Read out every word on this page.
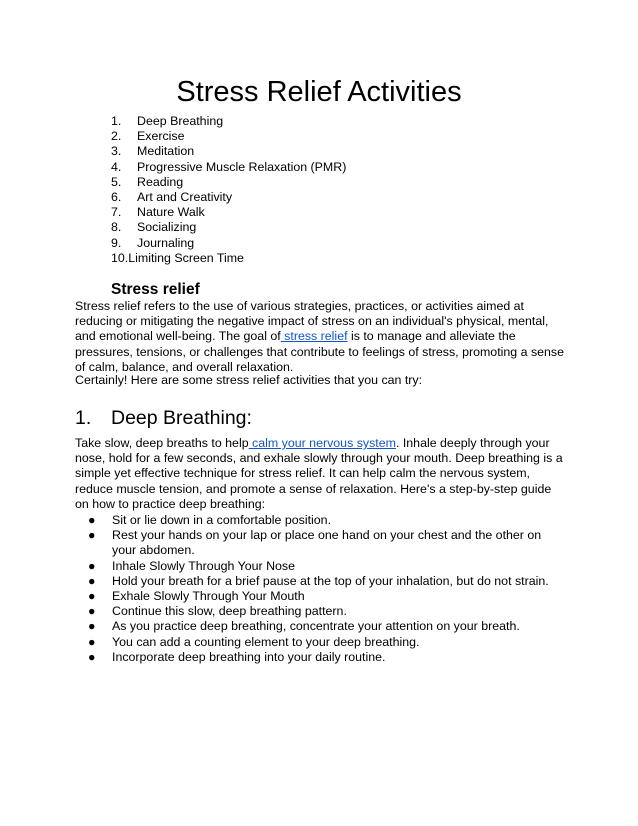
Stress Relief Activities
1. Deep Breathing
2. Exercise
3. Meditation
4. Progressive Muscle Relaxation (PMR)
5. Reading
6. Art and Creativity
7. Nature Walk
8. Socializing
9. Journaling
10.Limiting Screen Time
Stress relief

Stress relief refers to the use of various strategies, practices, or activities aimed at reducing or mitigating the negative impact of stress on an individual's physical, mental, and emotional well-being. The goal of stress relief is to manage and alleviate the pressures, tensions, or challenges that contribute to feelings of stress, promoting a sense of calm, balance, and overall relaxation.

Certainly! Here are some stress relief activities that you can try:

1. Deep Breathing:

Take slow, deep breaths to help calm your nervous system. Inhale deeply through your nose, hold for a few seconds, and exhale slowly through your mouth. Deep breathing is a simple yet effective technique for stress relief. It can help calm the nervous system, reduce muscle tension, and promote a sense of relaxation. Here's a step-by-step guide on how to practice deep breathing:

●	Sit or lie down in a comfortable position.
●	Rest your hands on your lap or place one hand on your chest and the other on your abdomen.
●	Inhale Slowly Through Your Nose
●	Hold your breath for a brief pause at the top of your inhalation, but do not strain.
●	Exhale Slowly Through Your Mouth
●	Continue this slow, deep breathing pattern.
●	As you practice deep breathing, concentrate your attention on your breath.
●	You can add a counting element to your deep breathing.
●	Incorporate deep breathing into your daily routine.
